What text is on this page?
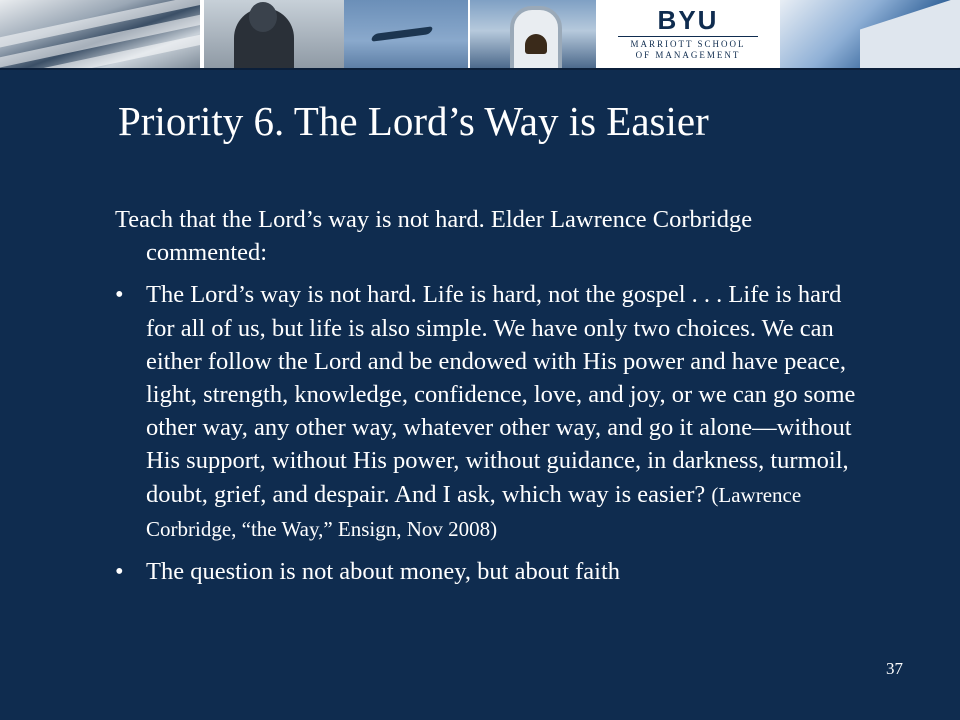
BYU
MARRIOTT SCHOOL
OF MANAGEMENT
Priority 6. The Lord’s Way is Easier

Teach that the Lord’s way is not hard. Elder Lawrence Corbridge commented:

• The Lord’s way is not hard. Life is hard, not the gospel . . . Life is hard for all of us, but life is also simple. We have only two choices. We can either follow the Lord and be endowed with His power and have peace, light, strength, knowledge, confidence, love, and joy, or we can go some other way, any other way, whatever other way, and go it alone—without His support, without His power, without guidance, in darkness, turmoil, doubt, grief, and despair. And I ask, which way is easier? (Lawrence Corbridge, “the Way,” Ensign, Nov 2008)
• The question is not about money, but about faith
37
